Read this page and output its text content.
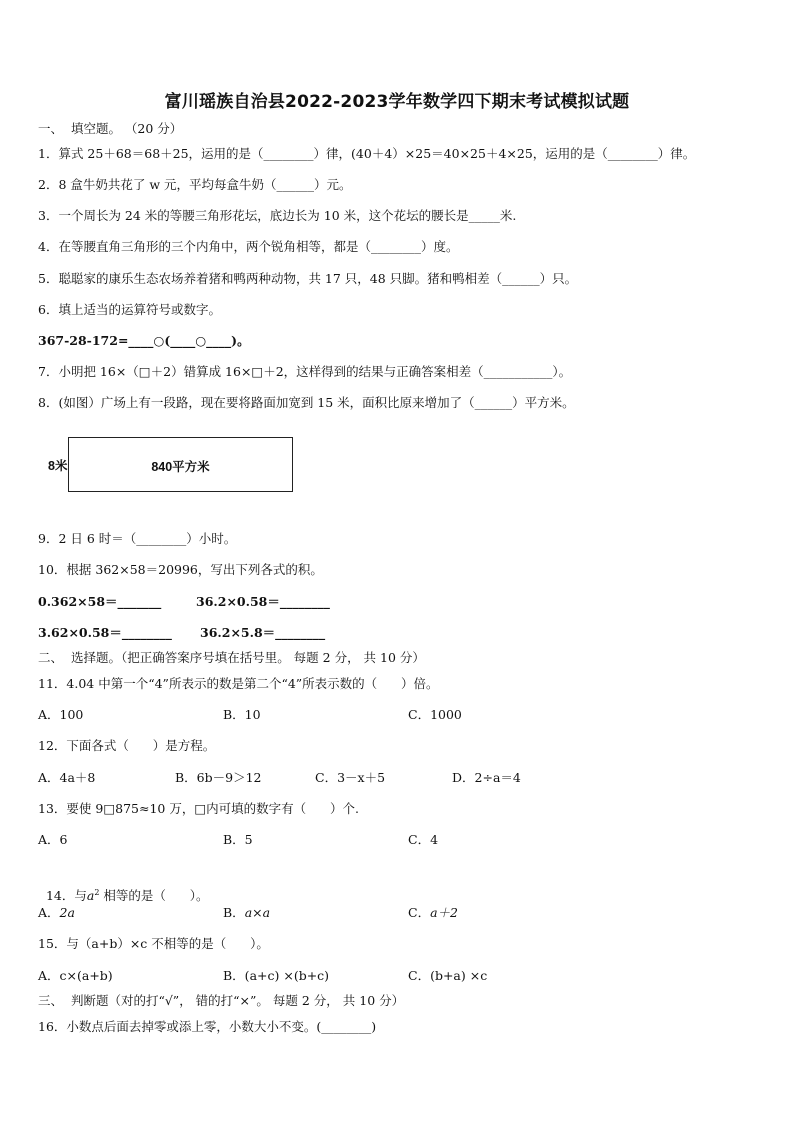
富川瑶族自治县2022-2023学年数学四下期末考试模拟试题
一、  填空题。 （20 分）
1．算式 25＋68＝68＋25，运用的是（________）律，(40＋4）×25＝40×25＋4×25，运用的是（________）律。
2．8 盒牛奶共花了 w 元，平均每盒牛奶（______）元。
3．一个周长为 24 米的等腰三角形花坛，底边长为 10 米，这个花坛的腰长是_____米.
4．在等腰直角三角形的三个内角中，两个锐角相等，都是（________）度。
5．聪聪家的康乐生态农场养着猪和鸭两种动物，共 17 只，48 只脚。猪和鸭相差（______）只。
6．填上适当的运算符号或数字。
367-28-172=____○(____○____)。
7．小明把 16×（□＋2）错算成 16×□＋2，这样得到的结果与正确答案相差（___________）。
8．(如图）广场上有一段路，现在要将路面加宽到 15 米，面积比原来增加了（______）平方米。
8米	840平方米
9．2 日 6 时＝（________）小时。
10．根据 362×58＝20996，写出下列各式的积。
0.362×58＝_______	36.2×0.58＝________
3.62×0.58＝________ 36.2×5.8＝________
二、  选择题。（把正确答案序号填在括号里。 每题 2 分， 共 10 分）
11．4.04 中第一个“4”所表示的数是第二个“4”所表示数的（      ）倍。
A．100	B．10	C．1000
12．下面各式（      ）是方程。
A．4a＋8	B．6b－9＞12	C．3－x＋5	D．2÷a＝4
13．要使 9□875≈10 万，□内可填的数字有（      ）个.
A．6	B．5	C．4

14．与$a^2$ 相等的是（      ）。

A．2a	B．a×a	C．a＋2
15．与（a+b）×c 不相等的是（      ）。
A．c×(a+b)	B．(a+c) ×(b+c)	C．(b+a) ×c
三、  判断题（对的打“√”， 错的打“×”。 每题 2 分， 共 10 分）
16．小数点后面去掉零或添上零，小数大小不变。(________)
